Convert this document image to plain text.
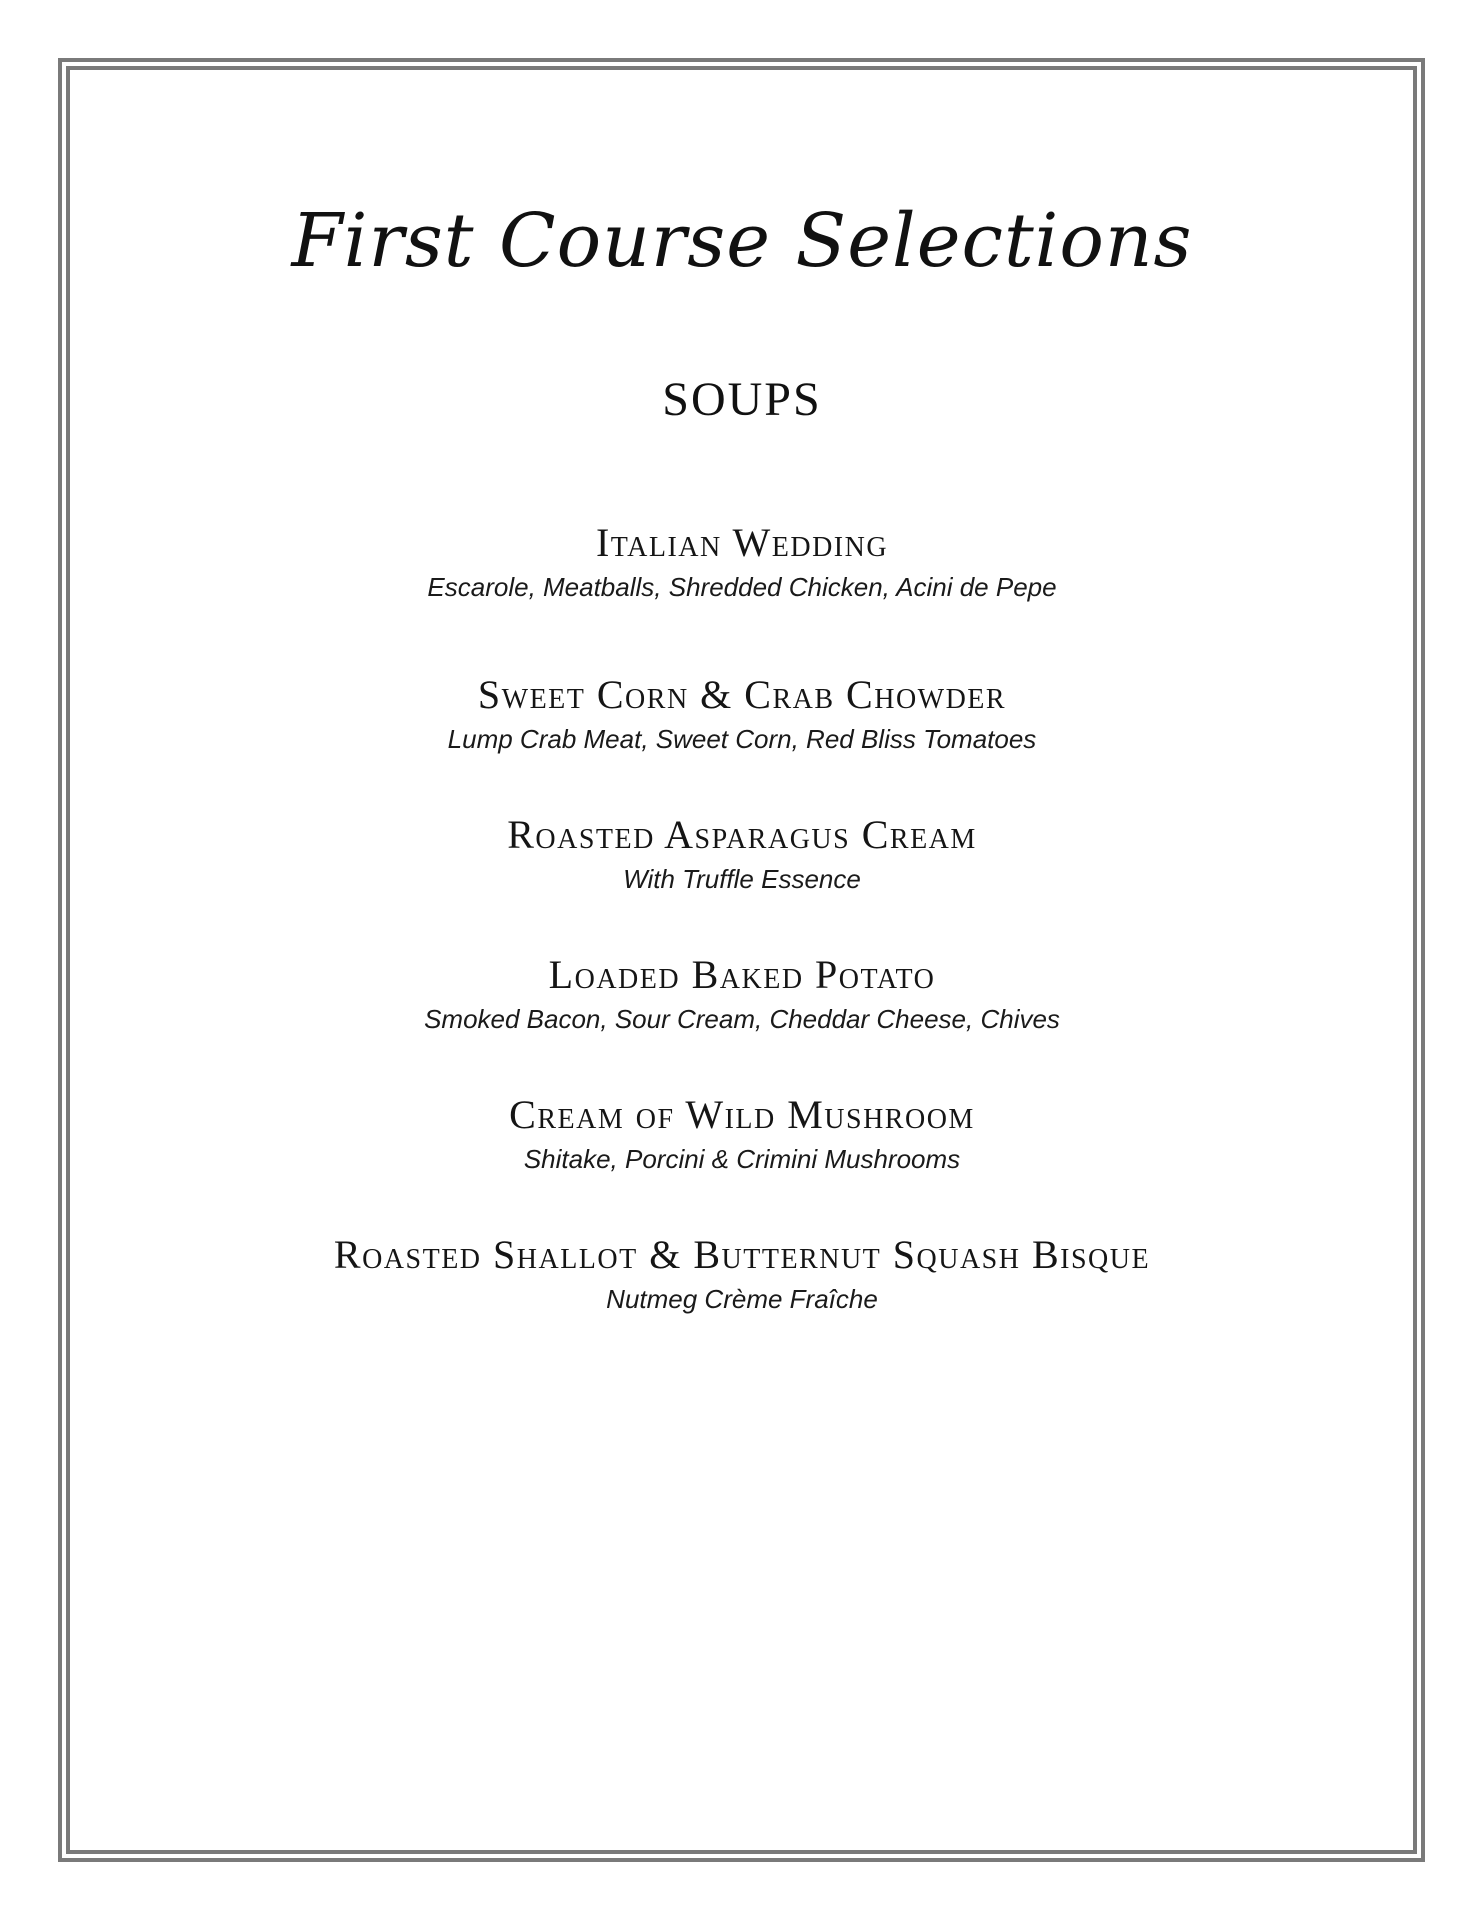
First Course Selections
SOUPS
Italian Wedding
Escarole, Meatballs, Shredded Chicken, Acini de Pepe
Sweet Corn & Crab Chowder
Lump Crab Meat, Sweet Corn, Red Bliss Tomatoes
Roasted Asparagus Cream
With Truffle Essence
Loaded Baked Potato
Smoked Bacon, Sour Cream, Cheddar Cheese, Chives
Cream of Wild Mushroom
Shitake, Porcini & Crimini Mushrooms
Roasted Shallot & Butternut Squash Bisque
Nutmeg Crème Fraîche
